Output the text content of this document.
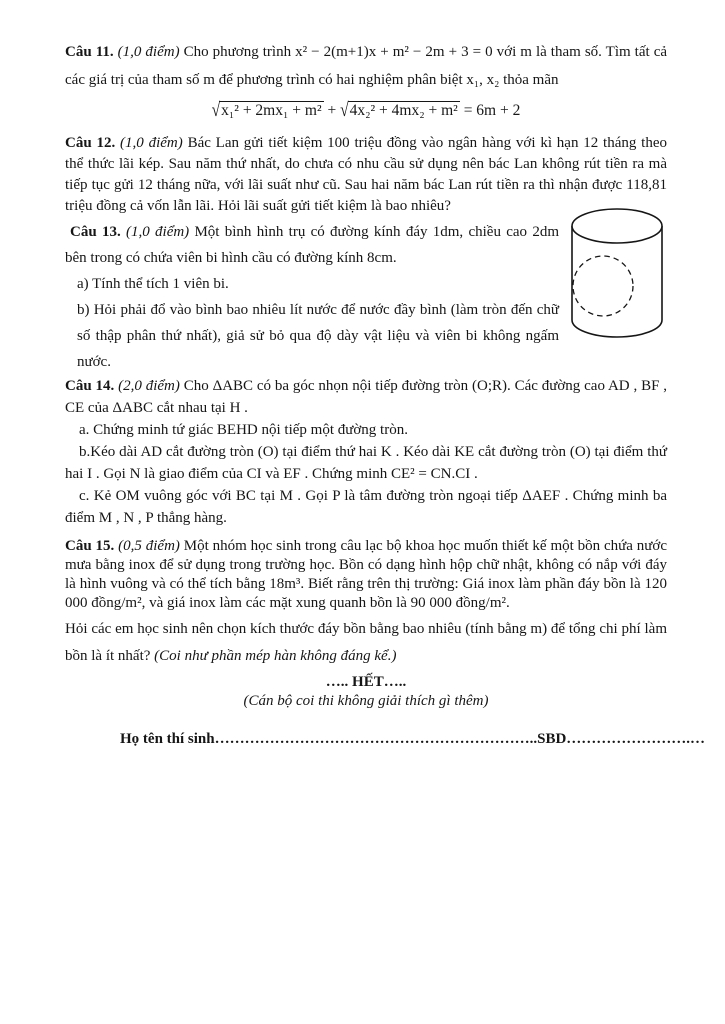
Câu 11. (1,0 điểm) Cho phương trình x² − 2(m+1)x + m² − 2m + 3 = 0 với m là tham số. Tìm tất cả các giá trị của tham số m để phương trình có hai nghiệm phân biệt x₁, x₂ thỏa mãn

√x₁² + 2mx₁ + m² + √4x₂² + 4mx₂ + m² = 6m + 2

Câu 12. (1,0 điểm) Bác Lan gửi tiết kiệm 100 triệu đồng vào ngân hàng với kì hạn 12 tháng theo thể thức lãi kép. Sau năm thứ nhất, do chưa có nhu cầu sử dụng nên bác Lan không rút tiền ra mà tiếp tục gửi 12 tháng nữa, với lãi suất như cũ. Sau hai năm bác Lan rút tiền ra thì nhận được 118,81 triệu đồng cả vốn lẫn lãi. Hỏi lãi suất gửi tiết kiệm là bao nhiêu?

Câu 13. (1,0 điểm) Một bình hình trụ có đường kính đáy 1dm, chiều cao 2dm bên trong có chứa viên bi hình cầu có đường kính 8cm.

a) Tính thể tích 1 viên bi.

b) Hỏi phải đổ vào bình bao nhiêu lít nước để nước đầy bình (làm tròn đến chữ số thập phân thứ nhất), giả sử bỏ qua độ dày vật liệu và viên bi không ngấm nước.

Câu 14. (2,0 điểm) Cho ΔABC có ba góc nhọn nội tiếp đường tròn (O;R). Các đường cao AD , BF , CE của ΔABC cắt nhau tại H .

a. Chứng minh tứ giác BEHD nội tiếp một đường tròn.

b.Kéo dài AD cắt đường tròn (O) tại điểm thứ hai K . Kéo dài KE cắt đường tròn (O) tại điểm thứ hai I . Gọi N là giao điểm của CI và EF . Chứng minh CE² = CN.CI .

c. Kẻ OM vuông góc với BC tại M . Gọi P là tâm đường tròn ngoại tiếp ΔAEF . Chứng minh ba điểm M , N , P thẳng hàng.

Câu 15. (0,5 điểm) Một nhóm học sinh trong câu lạc bộ khoa học muốn thiết kế một bồn chứa nước mưa bằng inox để sử dụng trong trường học. Bồn có dạng hình hộp chữ nhật, không có nắp với đáy là hình vuông và có thể tích bằng 18m³. Biết rằng trên thị trường: Giá inox làm phần đáy bồn là 120 000 đồng/m², và giá inox làm các mặt xung quanh bồn là 90 000 đồng/m².

Hỏi các em học sinh nên chọn kích thước đáy bồn bằng bao nhiêu (tính bằng m) để tổng chi phí làm bồn là ít nhất? (Coi như phần mép hàn không đáng kể.)

….. HẾT…..

(Cán bộ coi thi không giải thích gì thêm)

Họ tên thí sinh………………………………………………………..SBD…………………….…
